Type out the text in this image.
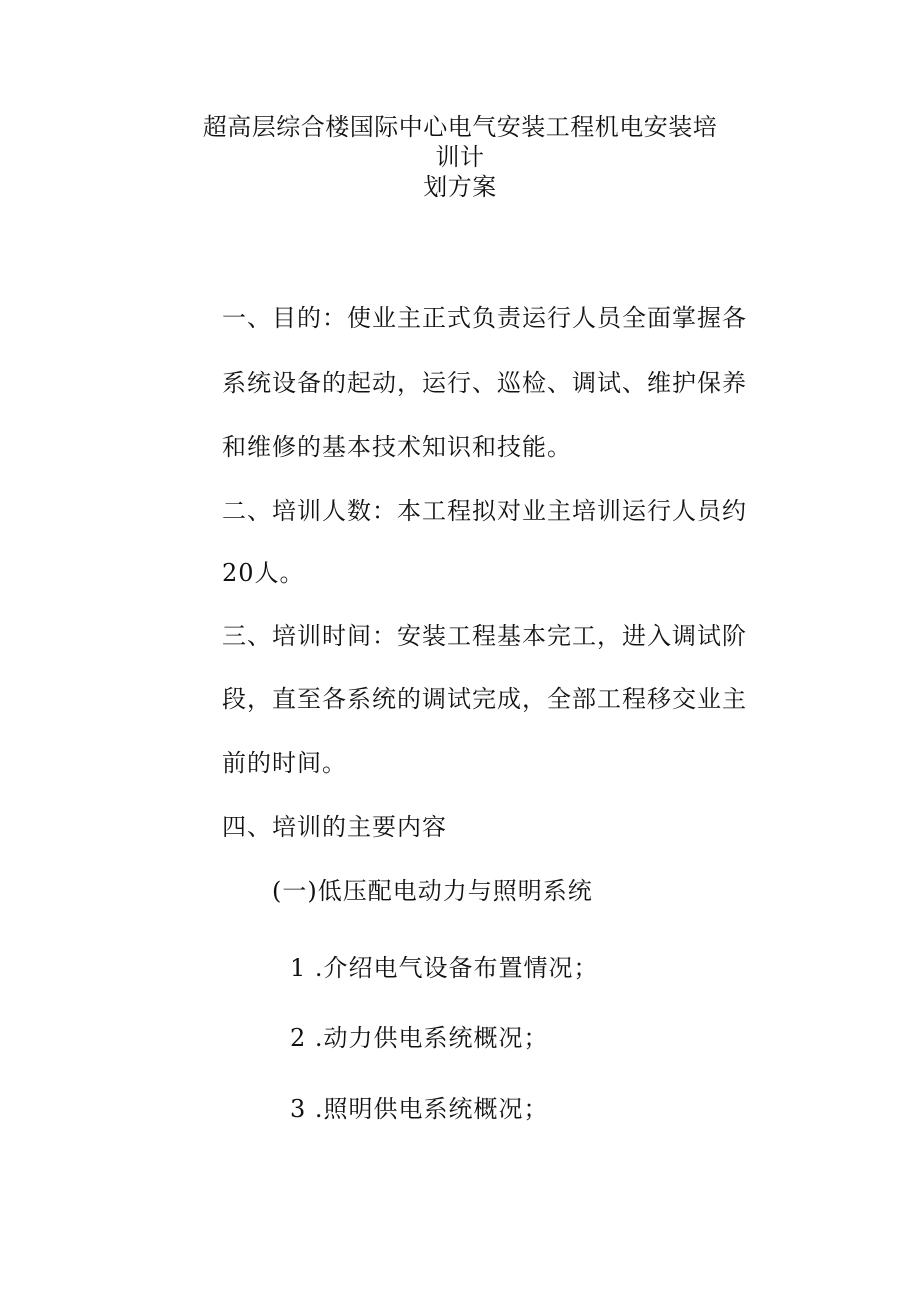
超高层综合楼国际中心电气安装工程机电安装培
训计
划方案
一、目的：使业主正式负责运行人员全面掌握各
系统设备的起动，运行、巡检、调试、维护保养
和维修的基本技术知识和技能。
二、培训人数：本工程拟对业主培训运行人员约
20人。
三、培训时间：安装工程基本完工，进入调试阶
段，直至各系统的调试完成，全部工程移交业主
前的时间。
四、培训的主要内容
(一)低压配电动力与照明系统
1 .介绍电气设备布置情况；
2 .动力供电系统概况；
3 .照明供电系统概况；
